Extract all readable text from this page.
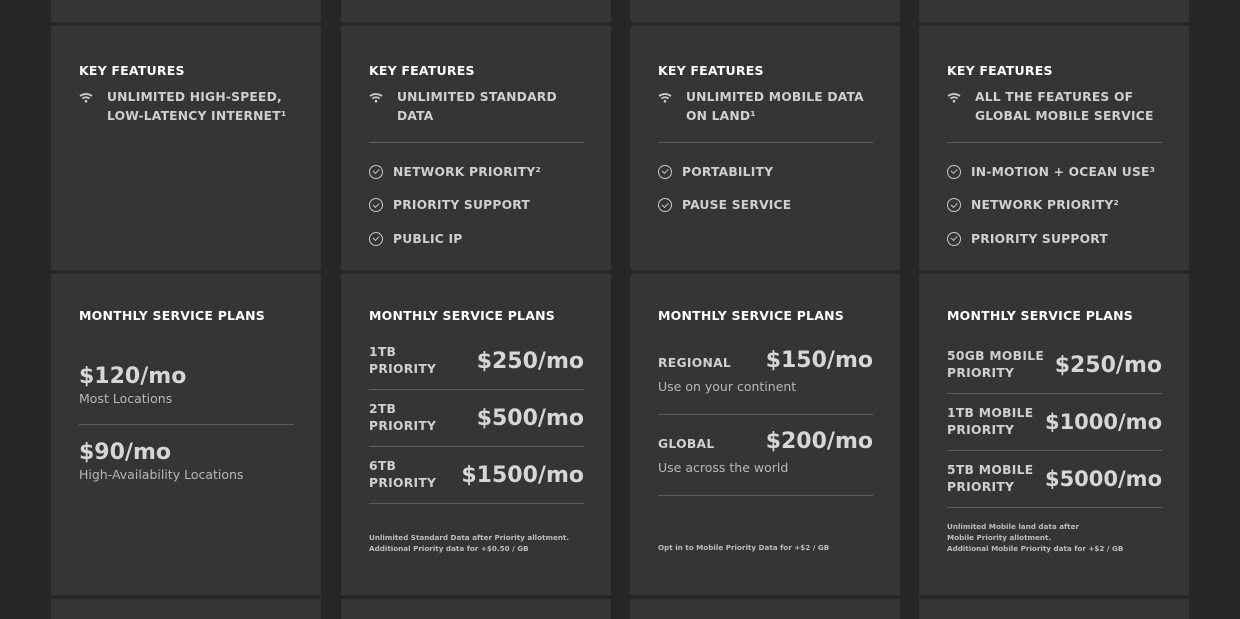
KEY FEATURES
UNLIMITED HIGH-SPEED,
LOW-LATENCY INTERNET¹
MONTHLY SERVICE PLANS
$120/mo
Most Locations
$90/mo
High-Availability Locations
KEY FEATURES
UNLIMITED STANDARD
DATA
NETWORK PRIORITY²
PRIORITY SUPPORT
PUBLIC IP
MONTHLY SERVICE PLANS
1TB
PRIORITY $250/mo
2TB
PRIORITY $500/mo
6TB
PRIORITY $1500/mo
Unlimited Standard Data after Priority allotment.
Additional Priority data for +$0.50 / GB
KEY FEATURES
UNLIMITED MOBILE DATA
ON LAND¹
PORTABILITY
PAUSE SERVICE
MONTHLY SERVICE PLANS
REGIONAL $150/mo
Use on your continent
GLOBAL $200/mo
Use across the world
Opt in to Mobile Priority Data for +$2 / GB
KEY FEATURES
ALL THE FEATURES OF
GLOBAL MOBILE SERVICE
IN-MOTION + OCEAN USE³
NETWORK PRIORITY²
PRIORITY SUPPORT
MONTHLY SERVICE PLANS
50GB MOBILE
PRIORITY	$250/mo
1TB MOBILE
PRIORITY	$1000/mo
5TB MOBILE
PRIORITY	$5000/mo
Unlimited Mobile land data after
Mobile Priority allotment.
Additional Mobile Priority data for +$2 / GB
